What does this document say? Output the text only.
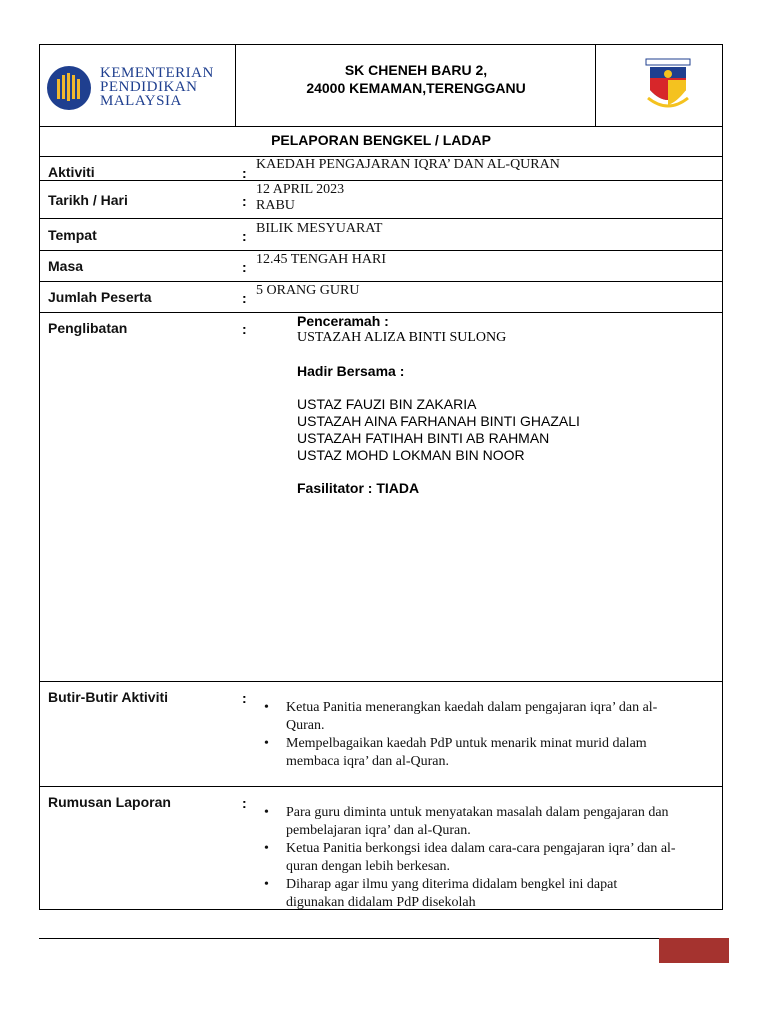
KEMENTERIAN
PENDIDIKAN
MALAYSIA
SK CHENEH BARU 2,
24000 KEMAMAN,TERENGGANU
PELAPORAN BENGKEL / LADAP
Aktiviti	:
KAEDAH PENGAJARAN IQRA’ DAN AL-QURAN
Tarikh / Hari	:
12 APRIL 2023
RABU
Tempat	: BILIK MESYUARAT
Masa	: 12.45 TENGAH HARI
Jumlah Peserta	: 5 ORANG GURU
Penglibatan	:	Penceramah :
USTAZAH ALIZA BINTI SULONG
Hadir Bersama :
USTAZ FAUZI BIN ZAKARIA
USTAZAH AINA FARHANAH BINTI GHAZALI
USTAZAH FATIHAH BINTI AB RAHMAN
USTAZ MOHD LOKMAN BIN NOOR
Fasilitator : TIADA
Butir-Butir Aktiviti	:
• Ketua Panitia menerangkan kaedah dalam pengajaran iqra’ dan al-Quran.
• Mempelbagaikan kaedah PdP untuk menarik minat murid dalam membaca iqra’ dan al-Quran.
Rumusan Laporan	:
• Para guru diminta untuk menyatakan masalah dalam pengajaran dan pembelajaran iqra’ dan al-Quran.
• Ketua Panitia berkongsi idea dalam cara-cara pengajaran iqra’ dan al-quran dengan lebih berkesan.
• Diharap agar ilmu yang diterima didalam bengkel ini dapat digunakan didalam PdP disekolah
